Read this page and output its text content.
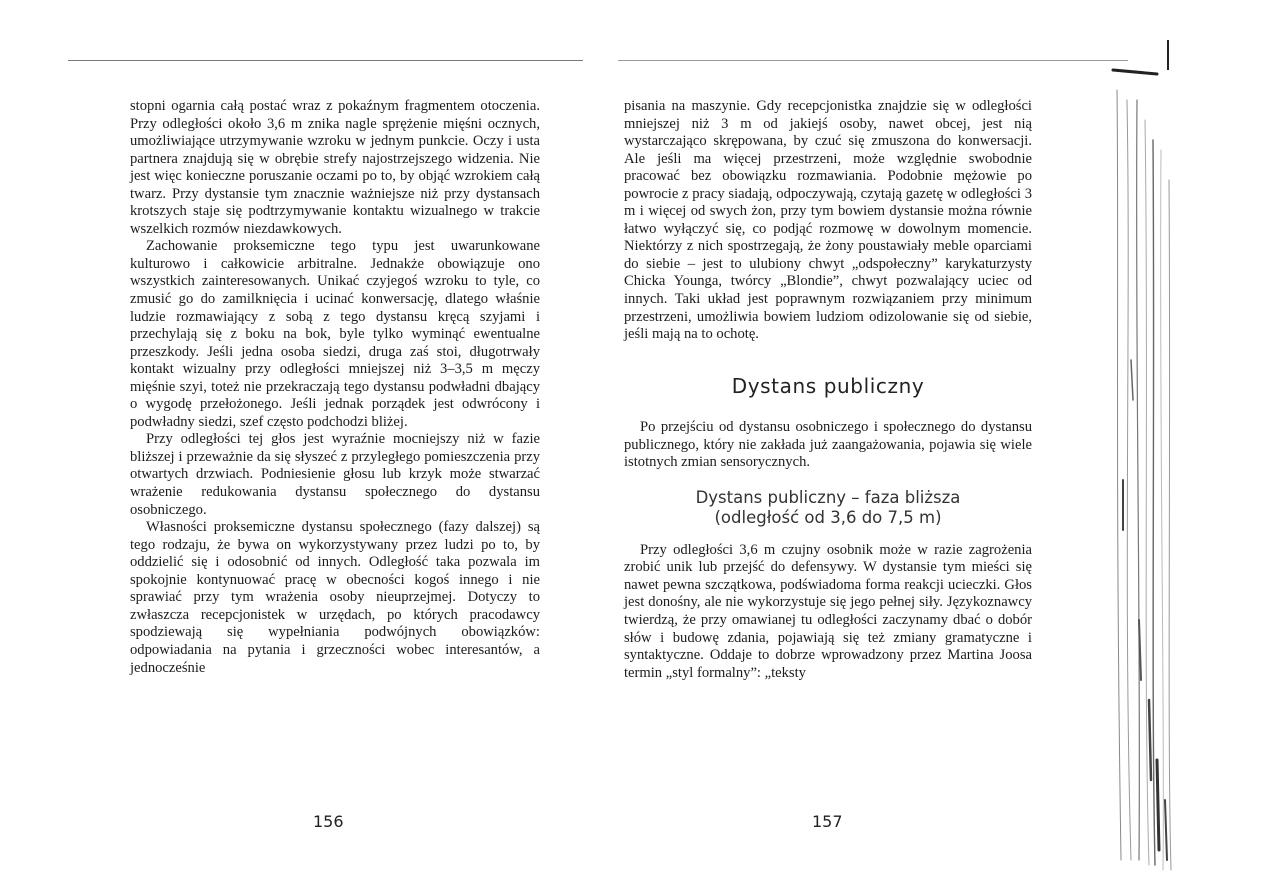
stopni ogarnia całą postać wraz z pokaźnym fragmentem otoczenia. Przy odległości około 3,6 m znika nagle sprężenie mięśni ocznych, umożliwiające utrzymywanie wzroku w jednym punkcie. Oczy i usta partnera znajdują się w obrębie strefy najostrzejszego widzenia. Nie jest więc konieczne poruszanie oczami po to, by objąć wzrokiem całą twarz. Przy dystansie tym znacznie ważniejsze niż przy dystansach krotszych staje się podtrzymywanie kontaktu wizualnego w trakcie wszelkich rozmów niezdawkowych.

Zachowanie proksemiczne tego typu jest uwarunkowane kulturowo i całkowicie arbitralne. Jednakże obowiązuje ono wszystkich zainteresowanych. Unikać czyjegoś wzroku to tyle, co zmusić go do zamilknięcia i ucinać konwersację, dlatego właśnie ludzie rozmawiający z sobą z tego dystansu kręcą szyjami i przechylają się z boku na bok, byle tylko wyminąć ewentualne przeszkody. Jeśli jedna osoba siedzi, druga zaś stoi, długotrwały kontakt wizualny przy odległości mniejszej niż 3–3,5 m męczy mięśnie szyi, toteż nie przekraczają tego dystansu podwładni dbający o wygodę przełożonego. Jeśli jednak porządek jest odwrócony i podwładny siedzi, szef często podchodzi bliżej.

Przy odległości tej głos jest wyraźnie mocniejszy niż w fazie bliższej i przeważnie da się słyszeć z przyległego pomieszczenia przy otwartych drzwiach. Podniesienie głosu lub krzyk może stwarzać wrażenie redukowania dystansu społecznego do dystansu osobniczego.

Własności proksemiczne dystansu społecznego (fazy dalszej) są tego rodzaju, że bywa on wykorzystywany przez ludzi po to, by oddzielić się i odosobnić od innych. Odległość taka pozwala im spokojnie kontynuować pracę w obecności kogoś innego i nie sprawiać przy tym wrażenia osoby nieuprzejmej. Dotyczy to zwłaszcza recepcjonistek w urzędach, po których pracodawcy spodziewają się wypełniania podwójnych obowiązków: odpowiadania na pytania i grzeczności wobec interesantów, a jednocześnie

156

pisania na maszynie. Gdy recepcjonistka znajdzie się w odległości mniejszej niż 3 m od jakiejś osoby, nawet obcej, jest nią wystarczająco skrępowana, by czuć się zmuszona do konwersacji. Ale jeśli ma więcej przestrzeni, może względnie swobodnie pracować bez obowiązku rozmawiania. Podobnie mężowie po powrocie z pracy siadają, odpoczywają, czytają gazetę w odległości 3 m i więcej od swych żon, przy tym bowiem dystansie można równie łatwo wyłączyć się, co podjąć rozmowę w dowolnym momencie. Niektórzy z nich spostrzegają, że żony poustawiały meble oparciami do siebie – jest to ulubiony chwyt „odspołeczny” karykaturzysty Chicka Younga, twórcy „Blondie”, chwyt pozwalający uciec od innych. Taki układ jest poprawnym rozwiązaniem przy minimum przestrzeni, umożliwia bowiem ludziom odizolowanie się od siebie, jeśli mają na to ochotę.

Dystans publiczny

Po przejściu od dystansu osobniczego i społecznego do dystansu publicznego, który nie zakłada już zaangażowania, pojawia się wiele istotnych zmian sensorycznych.

Dystans publiczny – faza bliższa
(odległość od 3,6 do 7,5 m)

Przy odległości 3,6 m czujny osobnik może w razie zagrożenia zrobić unik lub przejść do defensywy. W dystansie tym mieści się nawet pewna szczątkowa, podświadoma forma reakcji ucieczki. Głos jest donośny, ale nie wykorzystuje się jego pełnej siły. Językoznawcy twierdzą, że przy omawianej tu odległości zaczynamy dbać o dobór słów i budowę zdania, pojawiają się też zmiany gramatyczne i syntaktyczne. Oddaje to dobrze wprowadzony przez Martina Joosa termin „styl formalny”: „teksty

157
